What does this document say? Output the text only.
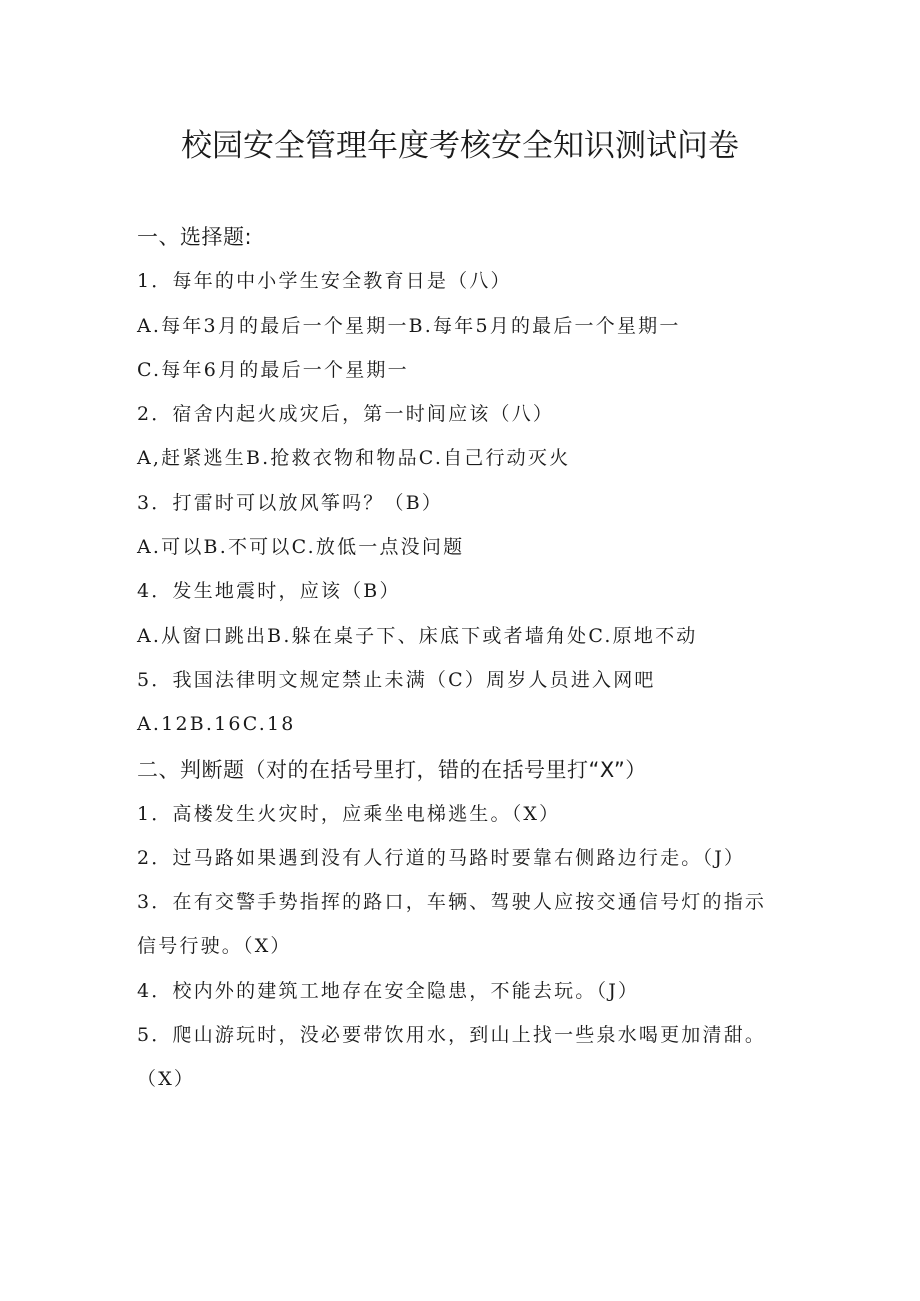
校园安全管理年度考核安全知识测试问卷
一、选择题:
1．每年的中小学生安全教育日是（八）
A.每年3月的最后一个星期一B.每年5月的最后一个星期一
C.每年6月的最后一个星期一
2．宿舍内起火成灾后，第一时间应该（八）
A,赶紧逃生B.抢救衣物和物品C.自己行动灭火
3．打雷时可以放风筝吗？（B）
A.可以B.不可以C.放低一点没问题
4．发生地震时，应该（B）
A.从窗口跳出B.躲在桌子下、床底下或者墙角处C.原地不动
5．我国法律明文规定禁止未满（C）周岁人员进入网吧
A.12B.16C.18
二、判断题（对的在括号里打，错的在括号里打“X”）
1．高楼发生火灾时，应乘坐电梯逃生。（X）
2．过马路如果遇到没有人行道的马路时要靠右侧路边行走。（J）
3．在有交警手势指挥的路口，车辆、驾驶人应按交通信号灯的指示
信号行驶。（X）
4．校内外的建筑工地存在安全隐患，不能去玩。（J）
5．爬山游玩时，没必要带饮用水，到山上找一些泉水喝更加清甜。
（X）
